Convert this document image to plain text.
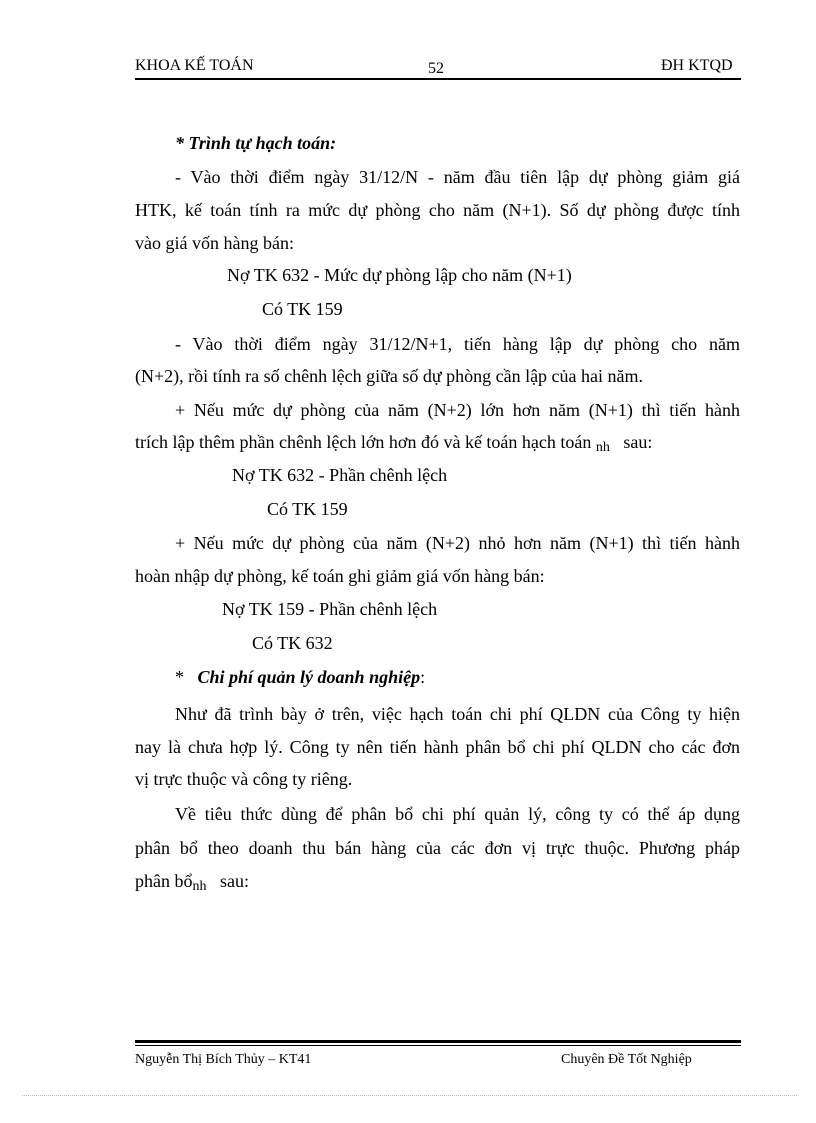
KHOA KẾ TOÁN	52	ĐH KTQD
* Trình tự hạch toán:
- Vào thời điểm ngày 31/12/N - năm đầu tiên lập dự phòng giảm giá
HTK, kế toán tính ra mức dự phòng cho năm (N+1). Số dự phòng được tính
vào giá vốn hàng bán:
Nợ TK 632 - Mức dự phòng lập cho năm (N+1)
Có TK 159
- Vào thời điểm ngày 31/12/N+1, tiến hàng lập dự phòng cho năm
(N+2), rồi tính ra số chênh lệch giữa số dự phòng cần lập của hai năm.
+ Nếu mức dự phòng của năm (N+2) lớn hơn năm (N+1) thì tiến hành
trích lập thêm phần chênh lệch lớn hơn đó và kế toán hạch toán nh sau:
Nợ TK 632 - Phần chênh lệch
Có TK 159
+ Nếu mức dự phòng của năm (N+2) nhỏ hơn năm (N+1) thì tiến hành
hoàn nhập dự phòng, kế toán ghi giảm giá vốn hàng bán:
Nợ TK 159 - Phần chênh lệch
Có TK 632
* Chi phí quản lý doanh nghiệp:
Như đã trình bày ở trên, việc hạch toán chi phí QLDN của Công ty hiện
nay là chưa hợp lý. Công ty nên tiến hành phân bổ chi phí QLDN cho các đơn
vị trực thuộc và công ty riêng.
Về tiêu thức dùng để phân bổ chi phí quản lý, công ty có thể áp dụng
phân bổ theo doanh thu bán hàng của các đơn vị trực thuộc. Phương pháp
phân bổnh sau:
Nguyễn Thị Bích Thủy – KT41	Chuyên Đề Tốt Nghiệp
